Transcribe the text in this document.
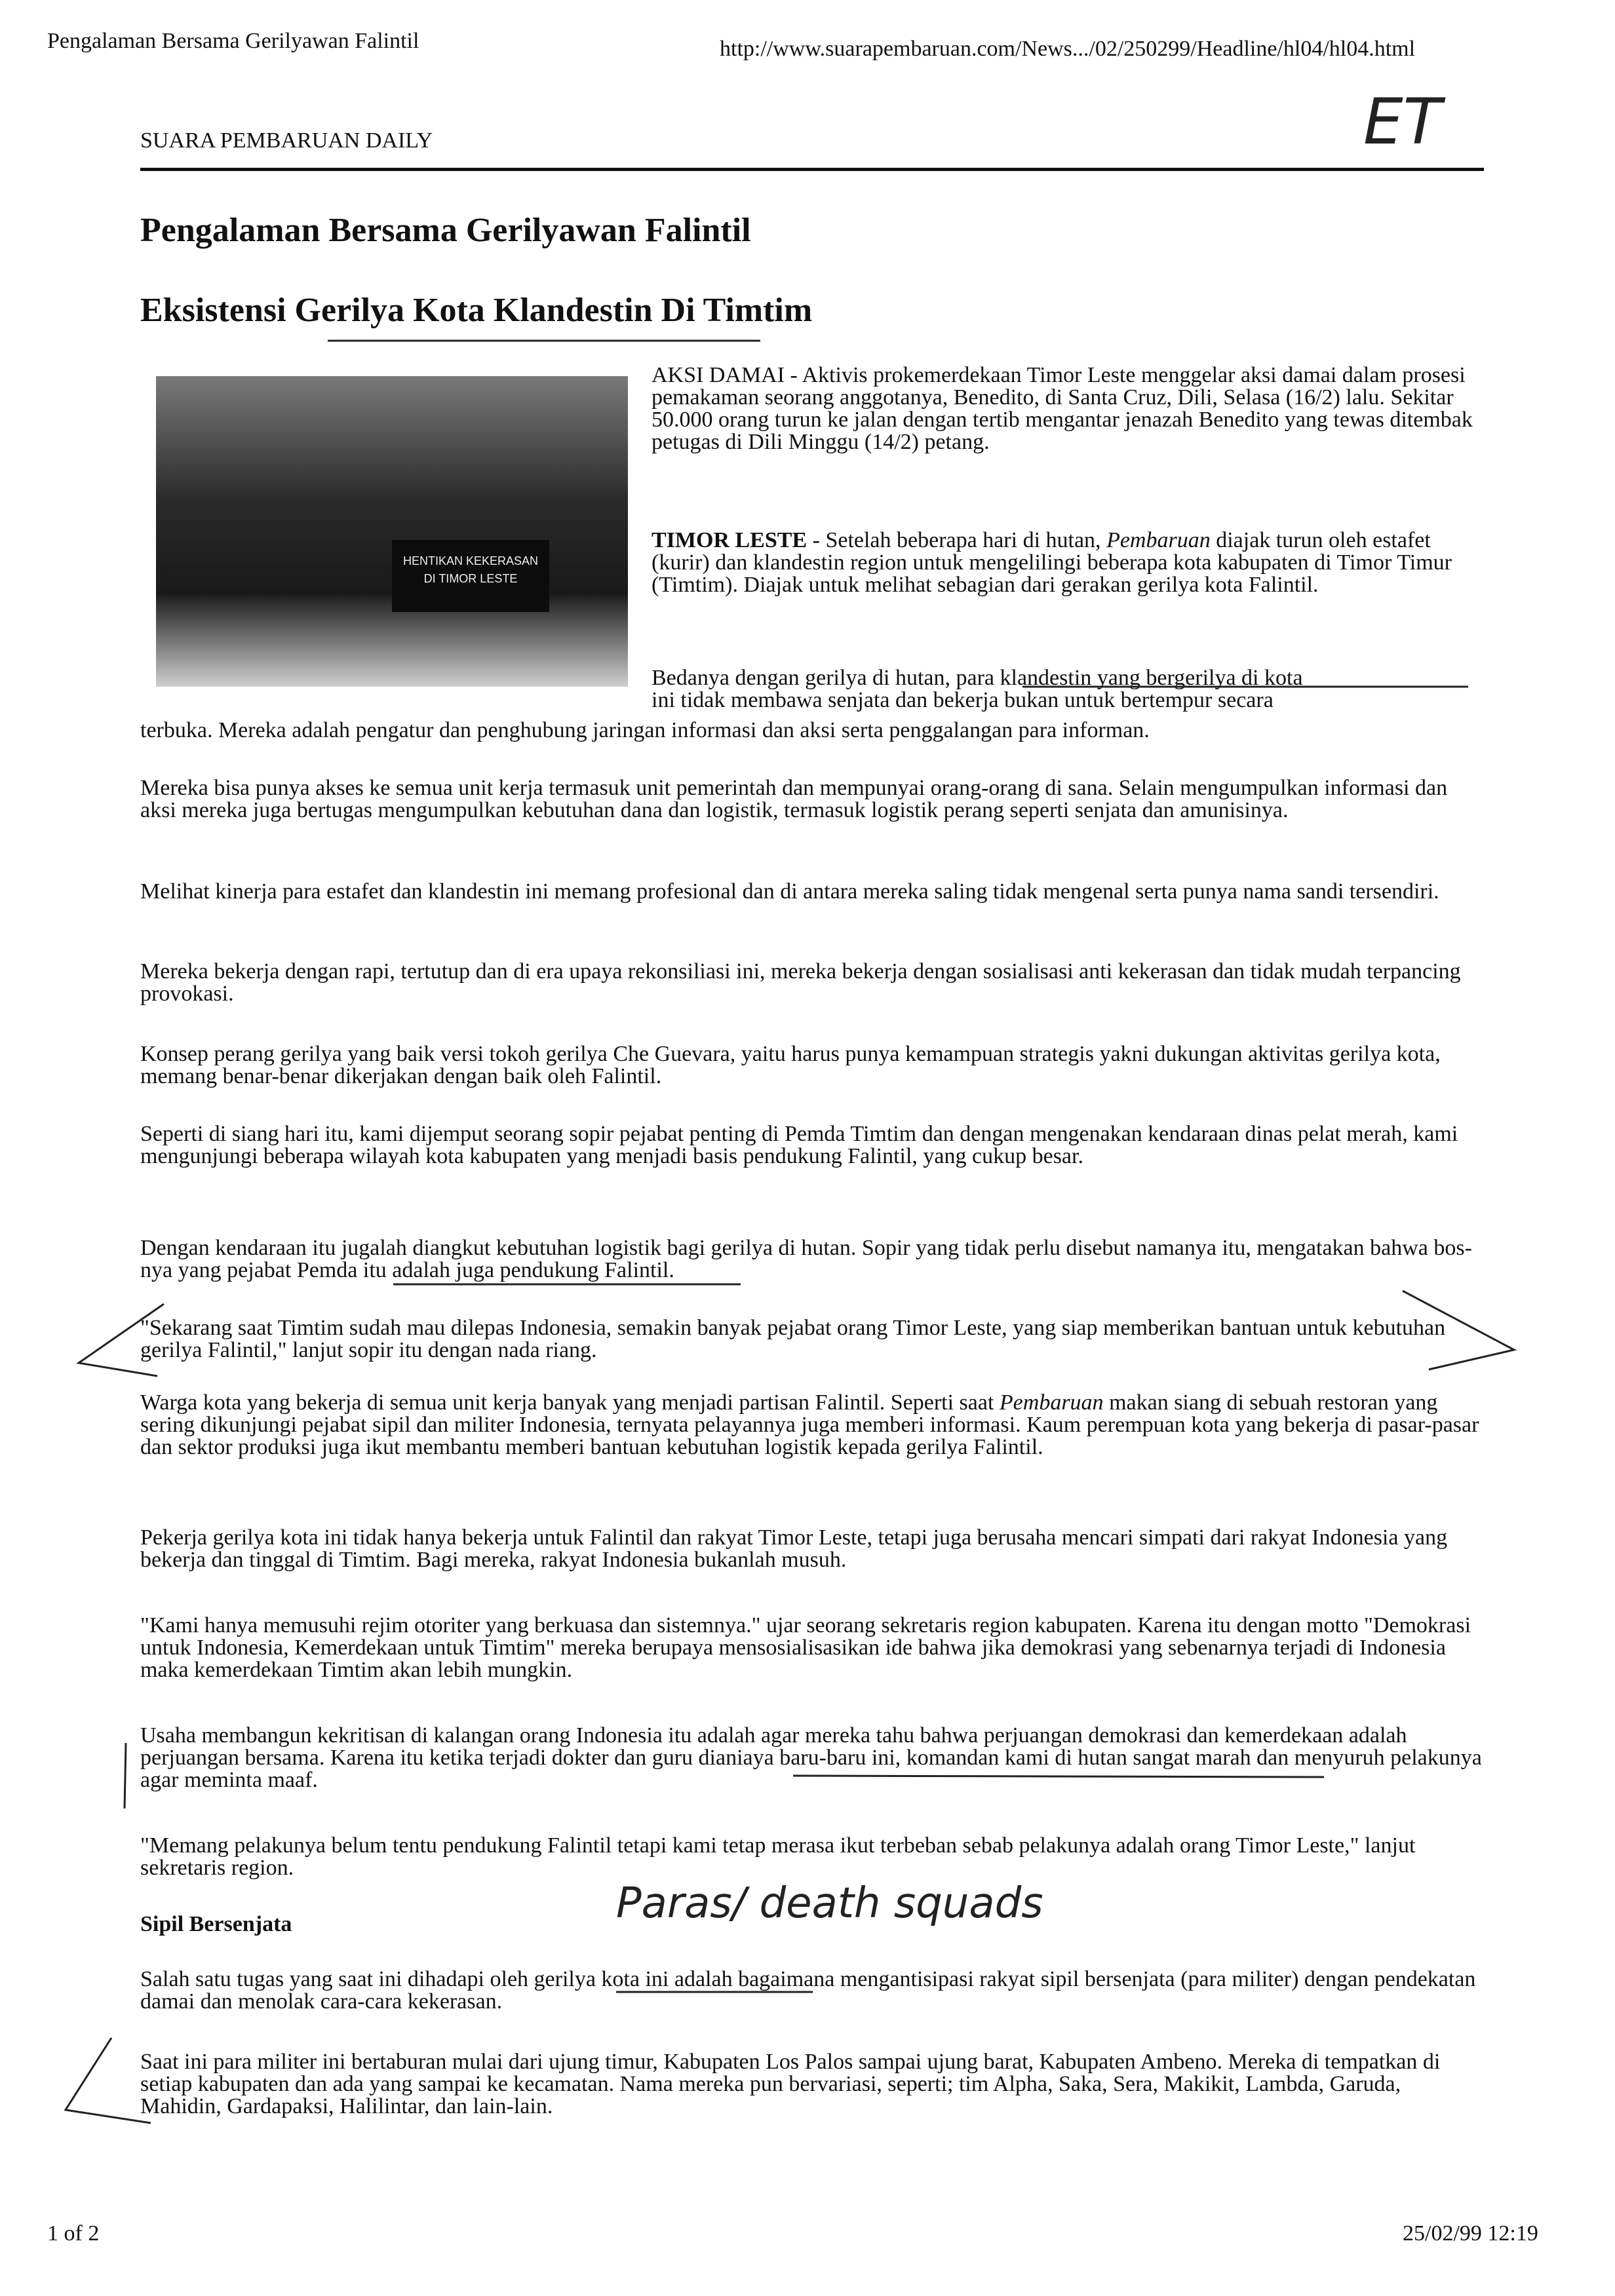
Pengalaman Bersama Gerilyawan Falintil	http://www.suarapembaruan.com/News.../02/250299/Headline/hl04/hl04.html
SUARA PEMBARUAN DAILY	ET
Pengalaman Bersama Gerilyawan Falintil
Eksistensi Gerilya Kota Klandestin Di Timtim
HENTIKAN KEKERASAN
DI TIMOR LESTE

AKSI DAMAI - Aktivis prokemerdekaan Timor Leste menggelar aksi damai dalam prosesi pemakaman seorang anggotanya, Benedito, di Santa Cruz, Dili, Selasa (16/2) lalu. Sekitar 50.000 orang turun ke jalan dengan tertib mengantar jenazah Benedito yang tewas ditembak petugas di Dili Minggu (14/2) petang.

TIMOR LESTE - Setelah beberapa hari di hutan, Pembaruan diajak turun oleh estafet (kurir) dan klandestin region untuk mengelilingi beberapa kota kabupaten di Timor Timur (Timtim). Diajak untuk melihat sebagian dari gerakan gerilya kota Falintil.

Bedanya dengan gerilya di hutan, para klandestin yang bergerilya di kota
ini tidak membawa senjata dan bekerja bukan untuk bertempur secara

terbuka. Mereka adalah pengatur dan penghubung jaringan informasi dan aksi serta penggalangan para informan.

Mereka bisa punya akses ke semua unit kerja termasuk unit pemerintah dan mempunyai orang-orang di sana. Selain mengumpulkan informasi dan aksi mereka juga bertugas mengumpulkan kebutuhan dana dan logistik, termasuk logistik perang seperti senjata dan amunisinya.

Melihat kinerja para estafet dan klandestin ini memang profesional dan di antara mereka saling tidak mengenal serta punya nama sandi tersendiri.

Mereka bekerja dengan rapi, tertutup dan di era upaya rekonsiliasi ini, mereka bekerja dengan sosialisasi anti kekerasan dan tidak mudah terpancing provokasi.

Konsep perang gerilya yang baik versi tokoh gerilya Che Guevara, yaitu harus punya kemampuan strategis yakni dukungan aktivitas gerilya kota, memang benar-benar dikerjakan dengan baik oleh Falintil.

Seperti di siang hari itu, kami dijemput seorang sopir pejabat penting di Pemda Timtim dan dengan mengenakan kendaraan dinas pelat merah, kami mengunjungi beberapa wilayah kota kabupaten yang menjadi basis pendukung Falintil, yang cukup besar.

Dengan kendaraan itu jugalah diangkut kebutuhan logistik bagi gerilya di hutan. Sopir yang tidak perlu disebut namanya itu, mengatakan bahwa bos-nya yang pejabat Pemda itu adalah juga pendukung Falintil.

"Sekarang saat Timtim sudah mau dilepas Indonesia, semakin banyak pejabat orang Timor Leste, yang siap memberikan bantuan untuk kebutuhan gerilya Falintil," lanjut sopir itu dengan nada riang.

Warga kota yang bekerja di semua unit kerja banyak yang menjadi partisan Falintil. Seperti saat Pembaruan makan siang di sebuah restoran yang sering dikunjungi pejabat sipil dan militer Indonesia, ternyata pelayannya juga memberi informasi. Kaum perempuan kota yang bekerja di pasar-pasar dan sektor produksi juga ikut membantu memberi bantuan kebutuhan logistik kepada gerilya Falintil.

Pekerja gerilya kota ini tidak hanya bekerja untuk Falintil dan rakyat Timor Leste, tetapi juga berusaha mencari simpati dari rakyat Indonesia yang bekerja dan tinggal di Timtim. Bagi mereka, rakyat Indonesia bukanlah musuh.

"Kami hanya memusuhi rejim otoriter yang berkuasa dan sistemnya." ujar seorang sekretaris region kabupaten. Karena itu dengan motto "Demokrasi untuk Indonesia, Kemerdekaan untuk Timtim" mereka berupaya mensosialisasikan ide bahwa jika demokrasi yang sebenarnya terjadi di Indonesia maka kemerdekaan Timtim akan lebih mungkin.

Usaha membangun kekritisan di kalangan orang Indonesia itu adalah agar mereka tahu bahwa perjuangan demokrasi dan kemerdekaan adalah perjuangan bersama. Karena itu ketika terjadi dokter dan guru dianiaya baru-baru ini, komandan kami di hutan sangat marah dan menyuruh pelakunya agar meminta maaf.

"Memang pelakunya belum tentu pendukung Falintil tetapi kami tetap merasa ikut terbeban sebab pelakunya adalah orang Timor Leste," lanjut sekretaris region.

Sipil Bersenjata	Paras/ death squads

Salah satu tugas yang saat ini dihadapi oleh gerilya kota ini adalah bagaimana mengantisipasi rakyat sipil bersenjata (para militer) dengan pendekatan damai dan menolak cara-cara kekerasan.

Saat ini para militer ini bertaburan mulai dari ujung timur, Kabupaten Los Palos sampai ujung barat, Kabupaten Ambeno. Mereka di tempatkan di setiap kabupaten dan ada yang sampai ke kecamatan. Nama mereka pun bervariasi, seperti; tim Alpha, Saka, Sera, Makikit, Lambda, Garuda, Mahidin, Gardapaksi, Halilintar, dan lain-lain.

1 of 2	25/02/99 12:19
